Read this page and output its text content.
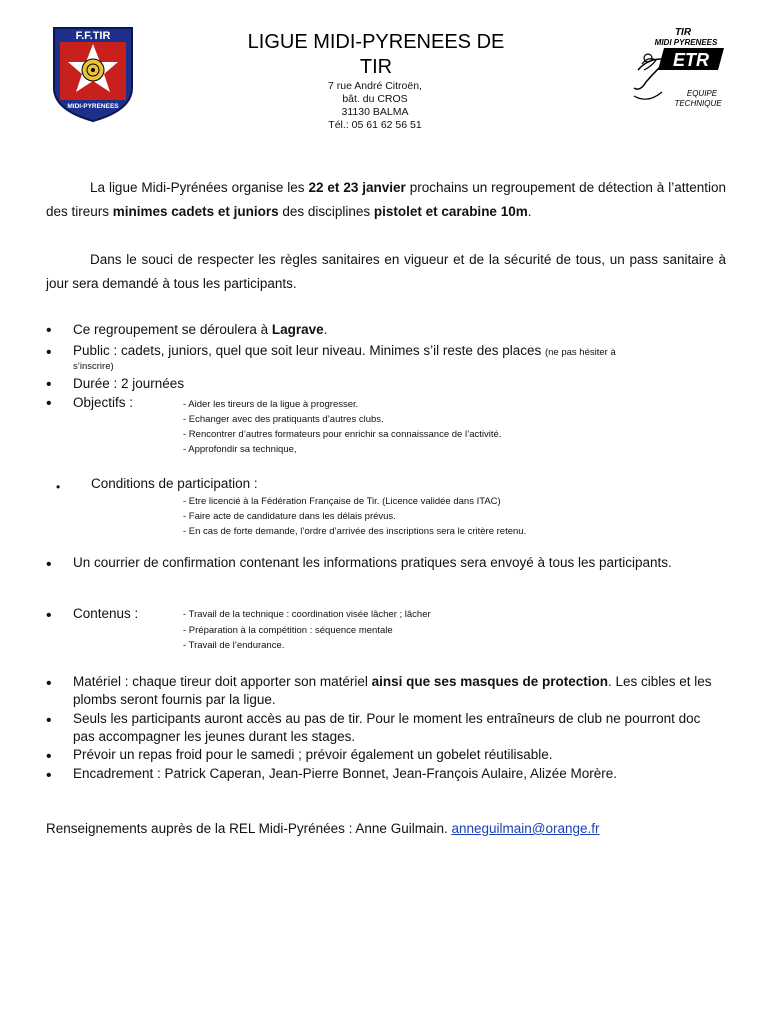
F.F.TIR
MIDI-PYRENEES
LIGUE MIDI-PYRENEES DE
TIR
7 rue André Citroën,
bât. du CROS
31130 BALMA
Tél.: 05 61 62 56 51
TIR
MIDI PYRENEES
ETR
EQUIPE
TECHNIQUE
La ligue Midi-Pyrénées organise les 22 et 23 janvier prochains un regroupement de détection à l’attention des tireurs minimes cadets et juniors des disciplines pistolet et carabine 10m.
Dans le souci de respecter les règles sanitaires en vigueur et de la sécurité de tous, un pass sanitaire à jour sera demandé à tous les participants.
• Ce regroupement se déroulera à Lagrave.
• Public : cadets, juniors, quel que soit leur niveau. Minimes s’il reste des places (ne pas hésiter à
s’inscrire)
• Durée : 2 journées
• Objectifs :	- Aider les tireurs de la ligue à progresser.
- Echanger avec des pratiquants d’autres clubs.
- Rencontrer d’autres formateurs pour enrichir sa connaissance de l’activité.
- Approfondir sa technique,
• Conditions de participation :
- Etre licencié à la Fédération Française de Tir. (Licence validée dans ITAC)
- Faire acte de candidature dans les délais prévus.
- En cas de forte demande, l’ordre d’arrivée des inscriptions sera le critère retenu.
• Un courrier de confirmation contenant les informations pratiques sera envoyé à tous les participants.
• Contenus :	- Travail de la technique : coordination visée lâcher ; lâcher
- Préparation à la compétition : séquence mentale
- Travail de l’endurance.
• Matériel : chaque tireur doit apporter son matériel ainsi que ses masques de protection. Les cibles et les plombs seront fournis par la ligue.
• Seuls les participants auront accès au pas de tir. Pour le moment les entraîneurs de club ne pourront doc pas accompagner les jeunes durant les stages.
• Prévoir un repas froid pour le samedi ; prévoir également un gobelet réutilisable.
• Encadrement : Patrick Caperan, Jean-Pierre Bonnet, Jean-François Aulaire, Alizée Morère.
Renseignements auprès de la REL Midi-Pyrénées : Anne Guilmain. anneguilmain@orange.fr
